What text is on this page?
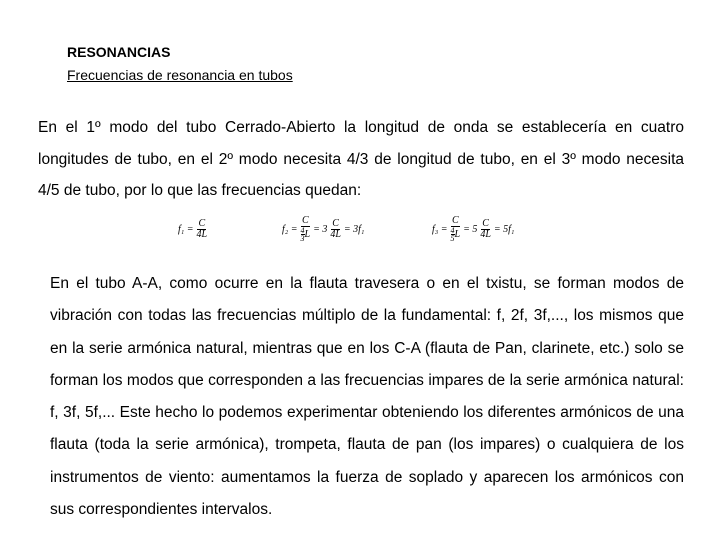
RESONANCIAS
Frecuencias de resonancia en tubos
En el 1º modo del tubo Cerrado-Abierto la longitud de onda se establecería en cuatro longitudes de tubo, en el 2º modo necesita 4/3 de longitud de tubo, en el 3º modo necesita 4/5 de tubo, por lo que las frecuencias quedan:
$f_1 = \frac{C}{4L}$	$f_2 = \frac{C}{\frac{4}{3} L} = 3 \frac{C}{4L} = 3f_1$	$f_3 = \frac{C}{\frac{4}{5} L} = 5 \frac{C}{4L} = 5f_1$
En el tubo A-A, como ocurre en la flauta travesera o en el txistu, se forman modos de vibración con todas las frecuencias múltiplo de la fundamental: f, 2f, 3f,..., los mismos que en la serie armónica natural, mientras que en los C-A (flauta de Pan, clarinete, etc.) solo se forman los modos que corresponden a las frecuencias impares de la serie armónica natural: f, 3f, 5f,... Este hecho lo podemos experimentar obteniendo los diferentes armónicos de una flauta (toda la serie armónica), trompeta, flauta de pan (los impares) o cualquiera de los instrumentos de viento: aumentamos la fuerza de soplado y aparecen los armónicos con sus correspondientes intervalos.
